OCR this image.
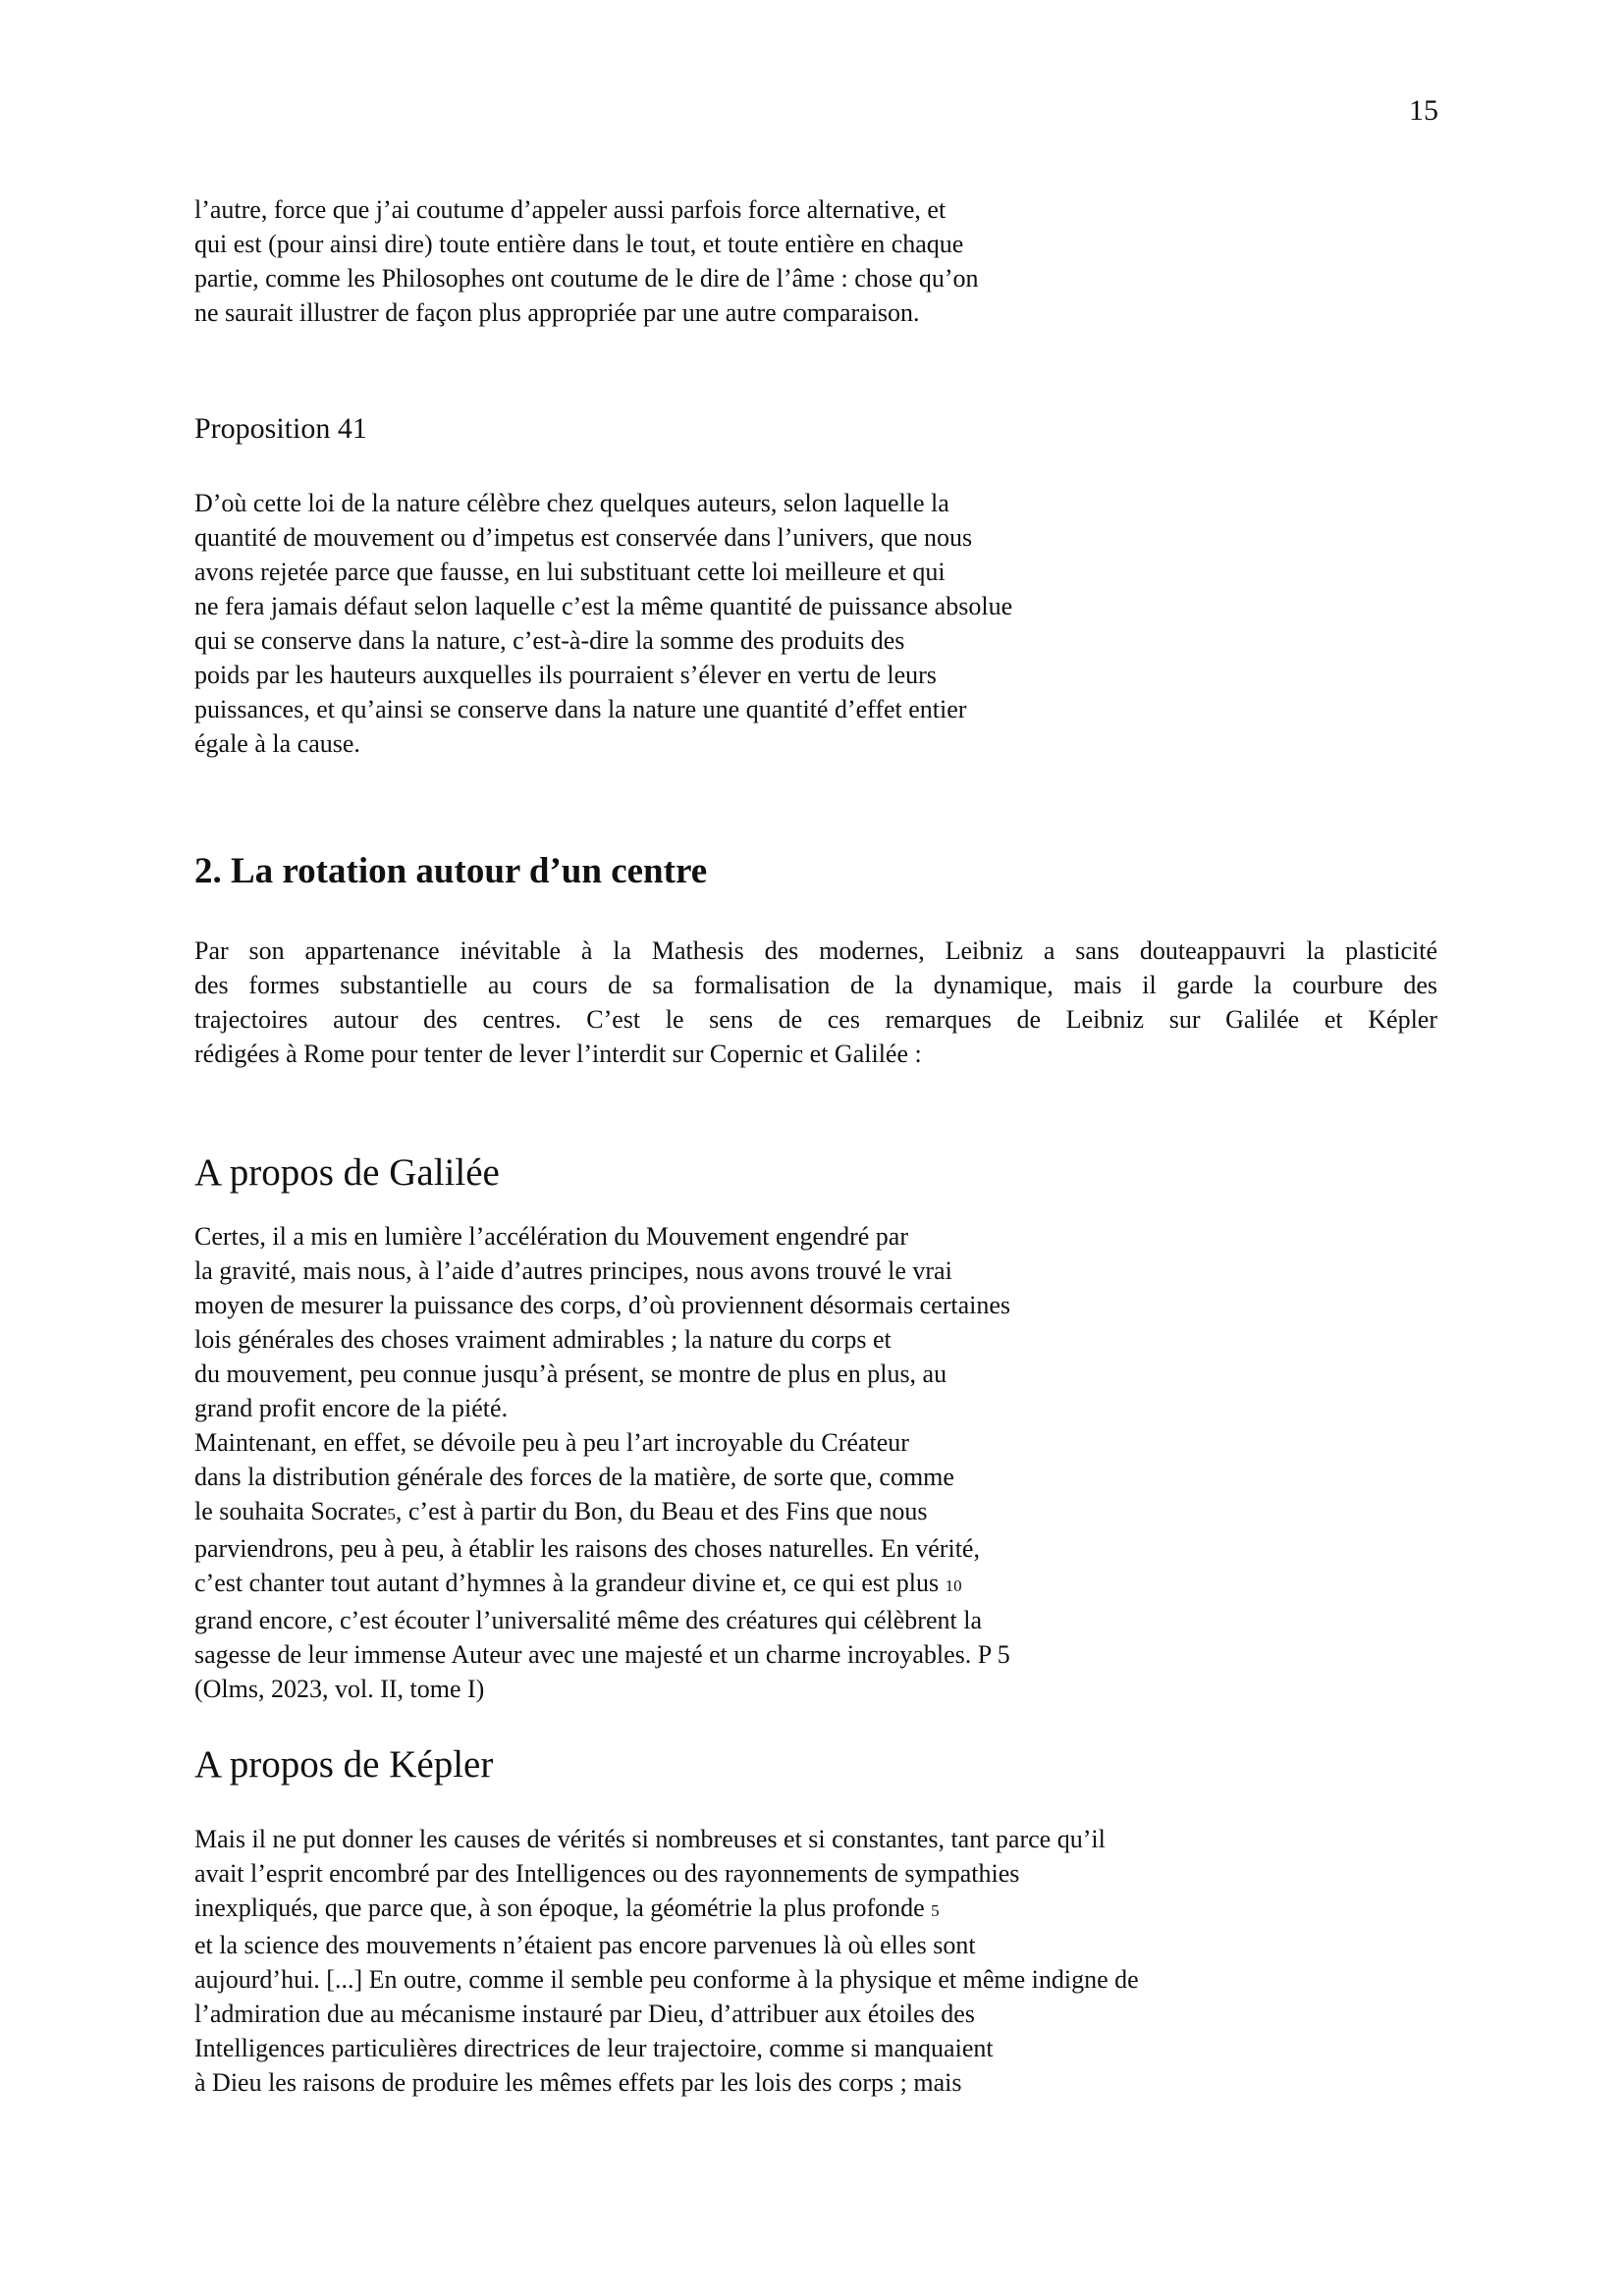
15
l’autre, force que j’ai coutume d’appeler aussi parfois force alternative, et
qui est (pour ainsi dire) toute entière dans le tout, et toute entière en chaque
partie, comme les Philosophes ont coutume de le dire de l’âme : chose qu’on
ne saurait illustrer de façon plus appropriée par une autre comparaison.
Proposition 41
D’où cette loi de la nature célèbre chez quelques auteurs, selon laquelle la
quantité de mouvement ou d’impetus est conservée dans l’univers, que nous
avons rejetée parce que fausse, en lui substituant cette loi meilleure et qui
ne fera jamais défaut selon laquelle c’est la même quantité de puissance absolue
qui se conserve dans la nature, c’est-à-dire la somme des produits des
poids par les hauteurs auxquelles ils pourraient s’élever en vertu de leurs
puissances, et qu’ainsi se conserve dans la nature une quantité d’effet entier
égale à la cause.
2. La rotation autour d’un centre
Par son appartenance inévitable à la Mathesis des modernes, Leibniz a sans douteappauvri la plasticité
des formes substantielle au cours de sa formalisation de la dynamique, mais il garde la courbure des
trajectoires autour des centres. C’est le sens de ces remarques de Leibniz sur Galilée et Képler
rédigées à Rome pour tenter de lever l’interdit sur Copernic et Galilée :
A propos de Galilée
Certes, il a mis en lumière l’accélération du Mouvement engendré par
la gravité, mais nous, à l’aide d’autres principes, nous avons trouvé le vrai
moyen de mesurer la puissance des corps, d’où proviennent désormais certaines
lois générales des choses vraiment admirables ; la nature du corps et
du mouvement, peu connue jusqu’à présent, se montre de plus en plus, au
grand profit encore de la piété.
Maintenant, en effet, se dévoile peu à peu l’art incroyable du Créateur
dans la distribution générale des forces de la matière, de sorte que, comme
le souhaita Socrate5, c’est à partir du Bon, du Beau et des Fins que nous
parviendrons, peu à peu, à établir les raisons des choses naturelles. En vérité,
c’est chanter tout autant d’hymnes à la grandeur divine et, ce qui est plus 10
grand encore, c’est écouter l’universalité même des créatures qui célèbrent la
sagesse de leur immense Auteur avec une majesté et un charme incroyables. P 5
(Olms, 2023, vol. II, tome I)
A propos de Képler
Mais il ne put donner les causes de vérités si nombreuses et si constantes, tant parce qu’il
avait l’esprit encombré par des Intelligences ou des rayonnements de sympathies
inexpliqués, que parce que, à son époque, la géométrie la plus profonde 5
et la science des mouvements n’étaient pas encore parvenues là où elles sont
aujourd’hui. [...] En outre, comme il semble peu conforme à la physique et même indigne de
l’admiration due au mécanisme instauré par Dieu, d’attribuer aux étoiles des
Intelligences particulières directrices de leur trajectoire, comme si manquaient
à Dieu les raisons de produire les mêmes effets par les lois des corps ; mais
